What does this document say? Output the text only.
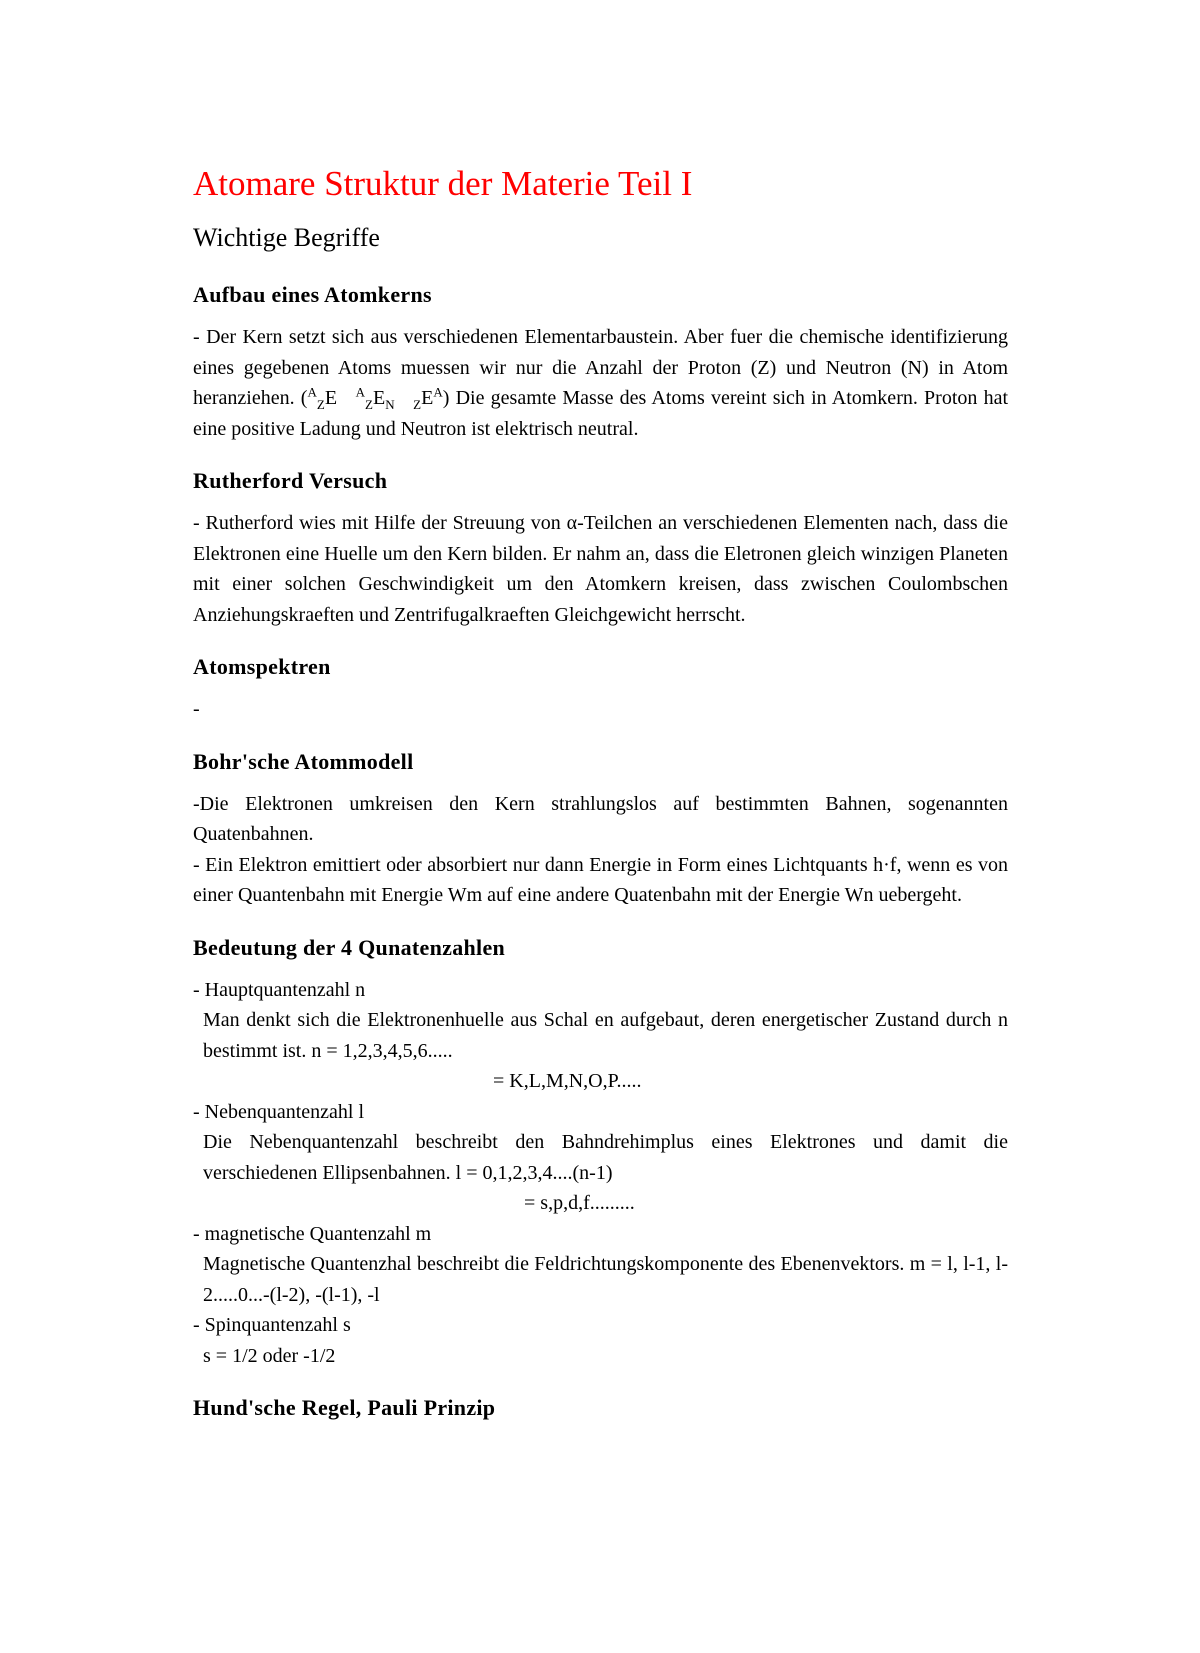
Atomare Struktur der Materie Teil I
Wichtige Begriffe
Aufbau eines Atomkerns

- Der Kern setzt sich aus verschiedenen Elementarbaustein. Aber fuer die chemische identifizierung eines gegebenen Atoms muessen wir nur die Anzahl der Proton (Z) und Neutron (N) in Atom heranziehen. ($^A_Z$E $^A_ZE_N$ $_ZE^A$) Die gesamte Masse des Atoms vereint sich in Atomkern. Proton hat eine positive Ladung und Neutron ist elektrisch neutral.

Rutherford Versuch

- Rutherford wies mit Hilfe der Streuung von α-Teilchen an verschiedenen Elementen nach, dass die Elektronen eine Huelle um den Kern bilden. Er nahm an, dass die Eletronen gleich winzigen Planeten mit einer solchen Geschwindigkeit um den Atomkern kreisen, dass zwischen Coulombschen Anziehungskraeften und Zentrifugalkraeften Gleichgewicht herrscht.

Atomspektren

-

Bohr'sche Atommodell

-Die Elektronen umkreisen den Kern strahlungslos auf bestimmten Bahnen, sogenannten Quatenbahnen.

- Ein Elektron emittiert oder absorbiert nur dann Energie in Form eines Lichtquants h·f, wenn es von einer Quantenbahn mit Energie Wm auf eine andere Quatenbahn mit der Energie Wn uebergeht.

Bedeutung der 4 Qunatenzahlen

- Hauptquantenzahl n

Man denkt sich die Elektronenhuelle aus Schal en aufgebaut, deren energetischer Zustand durch n bestimmt ist. n = 1,2,3,4,5,6.....

= K,L,M,N,O,P.....

- Nebenquantenzahl l

Die Nebenquantenzahl beschreibt den Bahndrehimplus eines Elektrones und damit die verschiedenen Ellipsenbahnen. l = 0,1,2,3,4....(n-1)

= s,p,d,f.........

- magnetische Quantenzahl m

Magnetische Quantenzhal beschreibt die Feldrichtungskomponente des Ebenenvektors. m = l, l-1, l-2.....0...-(l-2), -(l-1), -l

- Spinquantenzahl s

s = 1/2 oder -1/2

Hund'sche Regel, Pauli Prinzip
